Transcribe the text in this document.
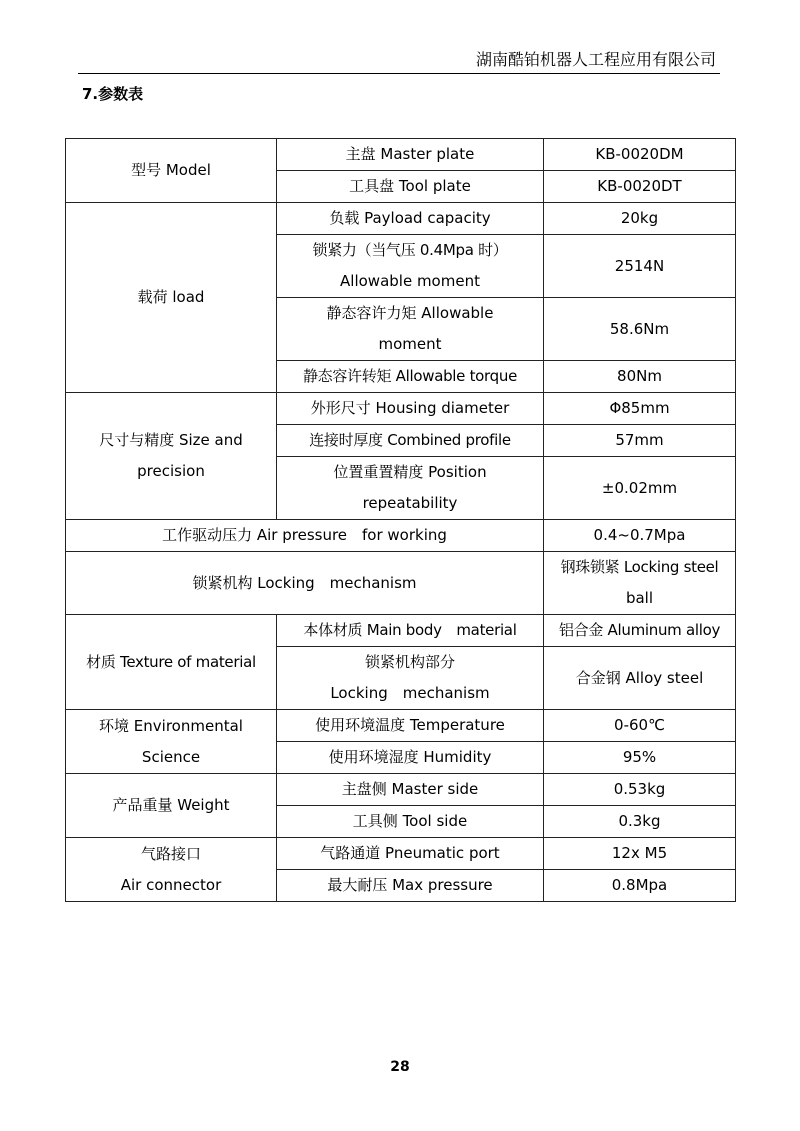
湖南酷铂机器人工程应用有限公司
7.参数表
型号 Model	主盘 Master plate	KB-0020DM
	工具盘 Tool plate	KB-0020DT
载荷 load	负载 Payload capacity	20kg

	锁紧力（当气压 0.4Mpa 时）
Allowable moment	2514N

	静态容许力矩 Allowable
moment	58.6Nm
	静态容许转矩 Allowable torque	80Nm

尺寸与精度 Size and
precision	外形尺寸 Housing diameter	Φ85mm
	连接时厚度 Combined profile	57mm

	位置重置精度 Position
repeatability	±0.02mm
工作驱动压力 Air pressure　for working		0.4~0.7Mpa
锁紧机构 Locking　mechanism		钢珠锁紧 Locking steel
ball

材质 Texture of material	本体材质 Main body　material	铝合金 Aluminum alloy

	锁紧机构部分
Locking　mechanism	合金钢 Alloy steel

环境 Environmental
Science	使用环境温度 Temperature	0-60℃
	使用环境湿度 Humidity	95%
产品重量 Weight	主盘侧 Master side	0.53kg
	工具侧 Tool side	0.3kg

气路接口
Air connector	气路通道 Pneumatic port	12x M5
	最大耐压 Max pressure	0.8Mpa
28
